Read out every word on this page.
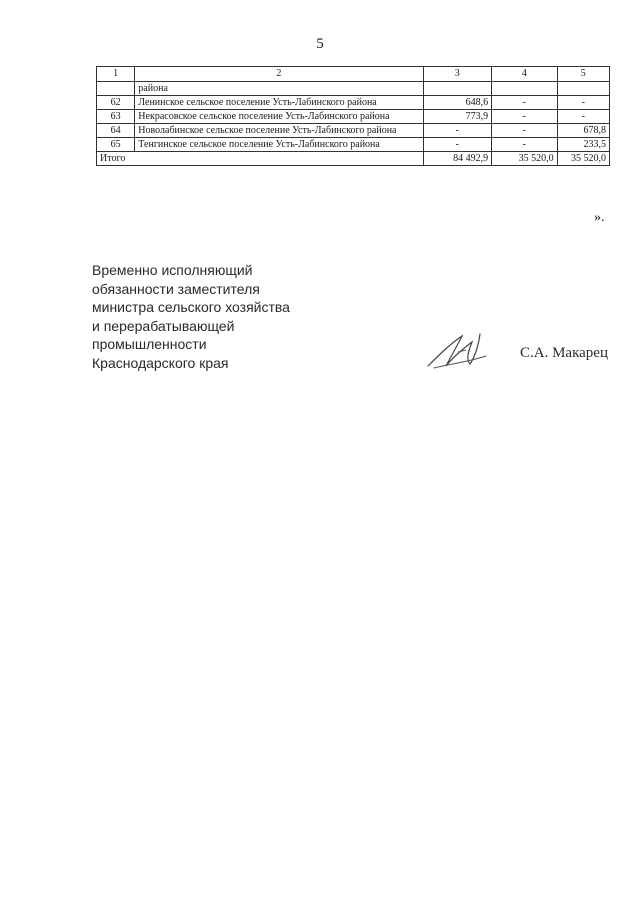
5
1	2	3	4	5
	района			
62	Ленинское сельское поселение Усть-Лабинского района	648,6	-	-
63	Некрасовское сельское поселение Усть-Лабинского района	773,9	-	-
64	Новолабинское сельское поселение Усть-Лабинского района	-	-	678,8
65	Тенгинское сельское поселение Усть-Лабинского района	-	-	233,5
Итого		84 492,9	35 520,0	35 520,0
».
Временно исполняющий
обязанности заместителя
министра сельского хозяйства
и перерабатывающей
промышленности
Краснодарского края
С.А. Макарец
